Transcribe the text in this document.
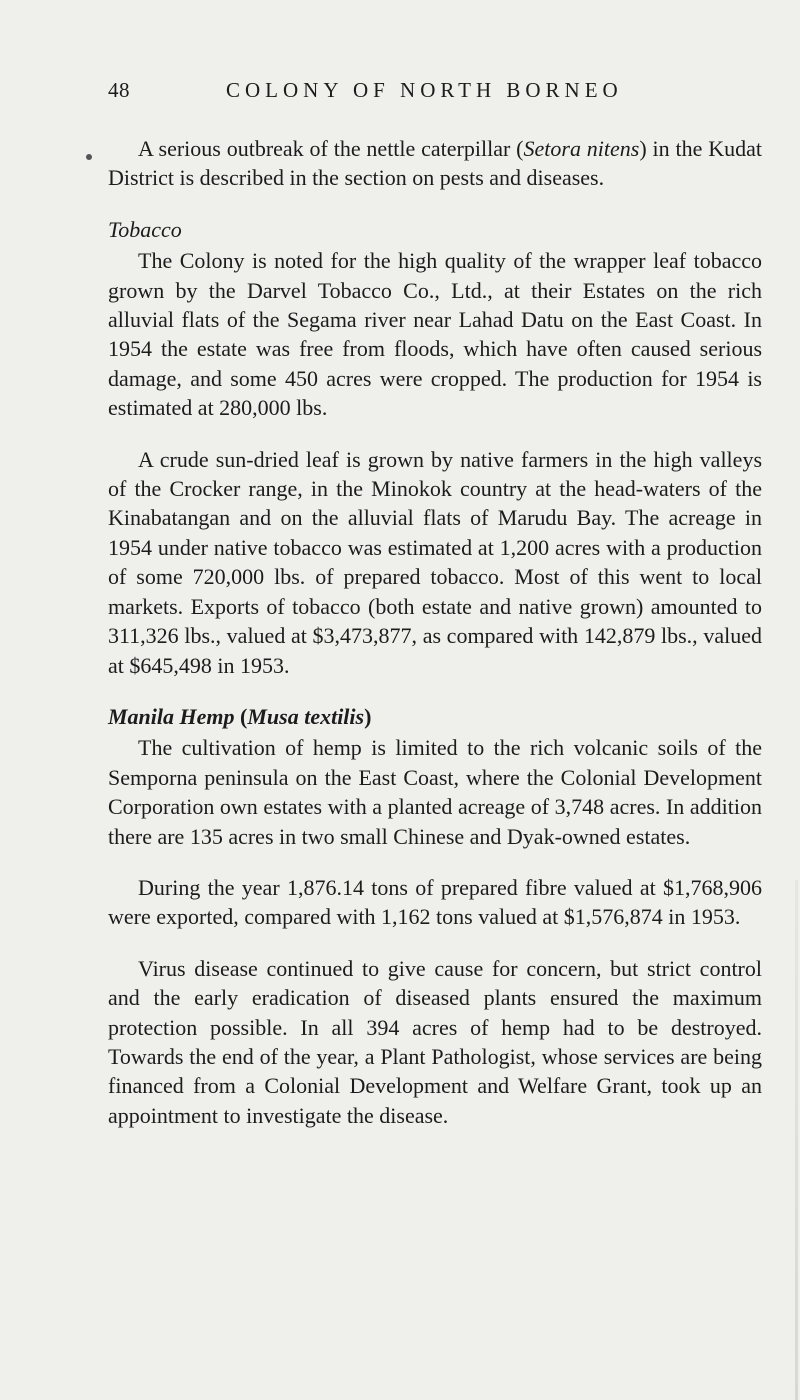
48	COLONY OF NORTH BORNEO

A serious outbreak of the nettle caterpillar (Setora nitens) in the Kudat District is described in the section on pests and diseases.

Tobacco

The Colony is noted for the high quality of the wrapper leaf tobacco grown by the Darvel Tobacco Co., Ltd., at their Estates on the rich alluvial flats of the Segama river near Lahad Datu on the East Coast. In 1954 the estate was free from floods, which have often caused serious damage, and some 450 acres were cropped. The production for 1954 is estimated at 280,000 lbs.

A crude sun-dried leaf is grown by native farmers in the high valleys of the Crocker range, in the Minokok country at the head-waters of the Kinabatangan and on the alluvial flats of Marudu Bay. The acreage in 1954 under native tobacco was estimated at 1,200 acres with a production of some 720,000 lbs. of prepared tobacco. Most of this went to local markets. Exports of tobacco (both estate and native grown) amounted to 311,326 lbs., valued at $3,473,877, as compared with 142,879 lbs., valued at $645,498 in 1953.

Manila Hemp (Musa textilis)

The cultivation of hemp is limited to the rich volcanic soils of the Semporna peninsula on the East Coast, where the Colonial Development Corporation own estates with a planted acreage of 3,748 acres. In addition there are 135 acres in two small Chinese and Dyak-owned estates.

During the year 1,876.14 tons of prepared fibre valued at $1,768,906 were exported, compared with 1,162 tons valued at $1,576,874 in 1953.

Virus disease continued to give cause for concern, but strict control and the early eradication of diseased plants ensured the maximum protection possible. In all 394 acres of hemp had to be destroyed. Towards the end of the year, a Plant Pathologist, whose services are being financed from a Colonial Development and Welfare Grant, took up an appointment to investigate the disease.
